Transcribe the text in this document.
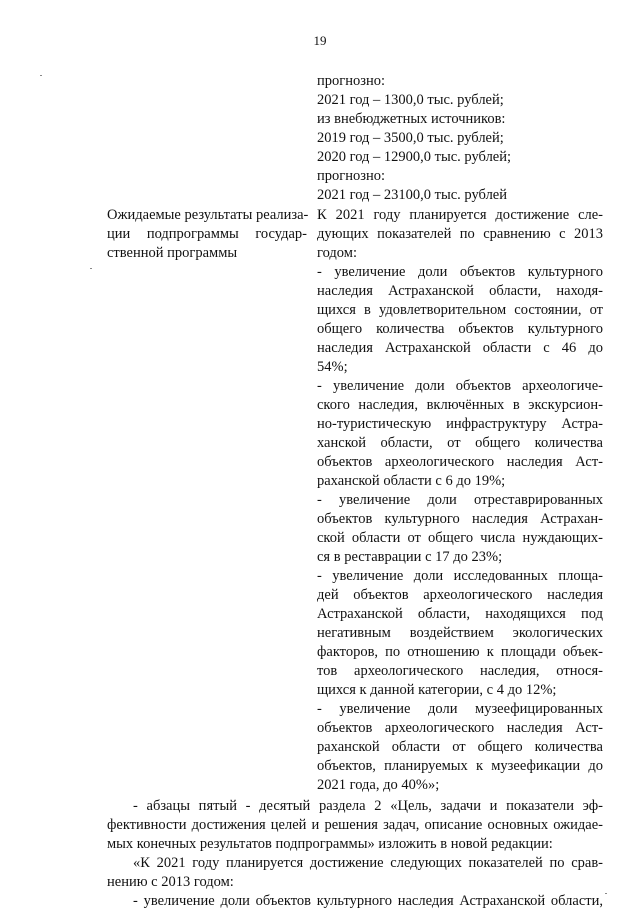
19
прогнозно:
2021 год – 1300,0 тыс. рублей;
из внебюджетных источников:
2019 год – 3500,0 тыс. рублей;
2020 год – 12900,0 тыс. рублей;
прогнозно:
2021 год – 23100,0 тыс. рублей
Ожидаемые результаты реализа-
ции подпрограммы государ-
ственной программы
К 2021 году планируется достижение сле-
дующих показателей по сравнению с 2013
годом:
- увеличение доли объектов культурного
наследия Астраханской области, находя-
щихся в удовлетворительном состоянии, от
общего количества объектов культурного
наследия Астраханской области с 46 до
54%;
- увеличение доли объектов археологиче-
ского наследия, включённых в экскурсион-
но-туристическую инфраструктуру Астра-
ханской области, от общего количества
объектов археологического наследия Аст-
раханской области с 6 до 19%;
- увеличение доли отреставрированных
объектов культурного наследия Астрахан-
ской области от общего числа нуждающих-
ся в реставрации с 17 до 23%;
- увеличение доли исследованных площа-
дей объектов археологического наследия
Астраханской области, находящихся под
негативным воздействием экологических
факторов, по отношению к площади объек-
тов археологического наследия, относя-
щихся к данной категории, с 4 до 12%;
- увеличение доли музеефицированных
объектов археологического наследия Аст-
раханской области от общего количества
объектов, планируемых к музеефикации до
2021 года, до 40%»;
- абзацы пятый - десятый раздела 2 «Цель, задачи и показатели эф-
фективности достижения целей и решения задач, описание основных ожидае-
мых конечных результатов подпрограммы» изложить в новой редакции:
«К 2021 году планируется достижение следующих показателей по срав-
нению с 2013 годом:
- увеличение доли объектов культурного наследия Астраханской области,
